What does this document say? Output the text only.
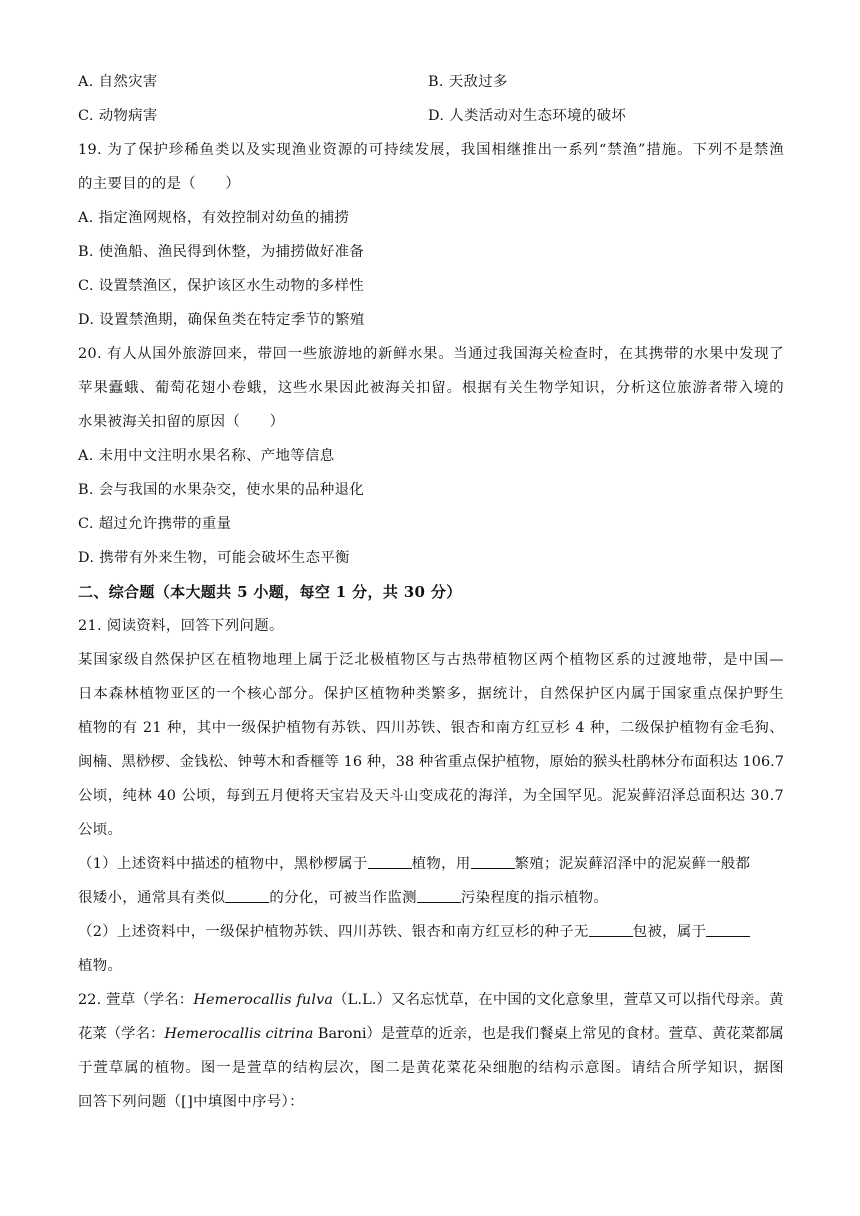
A. 自然灾害	B. 天敌过多
C. 动物病害	D. 人类活动对生态环境的破坏
19. 为了保护珍稀鱼类以及实现渔业资源的可持续发展，我国相继推出一系列“禁渔”措施。下列不是禁渔
的主要目的的是（　　）
A. 指定渔网规格，有效控制对幼鱼的捕捞
B. 使渔船、渔民得到休整，为捕捞做好准备
C. 设置禁渔区，保护该区水生动物的多样性
D. 设置禁渔期，确保鱼类在特定季节的繁殖
20. 有人从国外旅游回来，带回一些旅游地的新鲜水果。当通过我国海关检查时，在其携带的水果中发现了
苹果蠹蛾、葡萄花翅小卷蛾，这些水果因此被海关扣留。根据有关生物学知识，分析这位旅游者带入境的
水果被海关扣留的原因（　　）
A. 未用中文注明水果名称、产地等信息
B. 会与我国的水果杂交，使水果的品种退化
C. 超过允许携带的重量
D. 携带有外来生物，可能会破坏生态平衡
二、综合题（本大题共 5 小题，每空 1 分，共 30 分）
21. 阅读资料，回答下列问题。
某国家级自然保护区在植物地理上属于泛北极植物区与古热带植物区两个植物区系的过渡地带，是中国—
日本森林植物亚区的一个核心部分。保护区植物种类繁多，据统计，自然保护区内属于国家重点保护野生
植物的有 21 种，其中一级保护植物有苏铁、四川苏铁、银杏和南方红豆杉 4 种，二级保护植物有金毛狗、
闽楠、黑桫椤、金钱松、钟萼木和香榧等 16 种，38 种省重点保护植物，原始的猴头杜鹃林分布面积达 106.7
公顷，纯林 40 公顷，每到五月便将天宝岩及天斗山变成花的海洋，为全国罕见。泥炭藓沼泽总面积达 30.7
公顷。
（1）上述资料中描述的植物中，黑桫椤属于	植物，用	繁殖；泥炭藓沼泽中的泥炭藓一般都
很矮小，通常具有类似	的分化，可被当作监测	污染程度的指示植物。
（2）上述资料中，一级保护植物苏铁、四川苏铁、银杏和南方红豆杉的种子无	包被，属于
植物。
22. 萱草（学名：Hemerocallis fulva（L.L.）又名忘忧草，在中国的文化意象里，萱草又可以指代母亲。黄
花菜（学名：Hemerocallis citrina Baroni）是萱草的近亲，也是我们餐桌上常见的食材。萱草、黄花菜都属
于萱草属的植物。图一是萱草的结构层次，图二是黄花菜花朵细胞的结构示意图。请结合所学知识，据图
回答下列问题（[]中填图中序号）：
